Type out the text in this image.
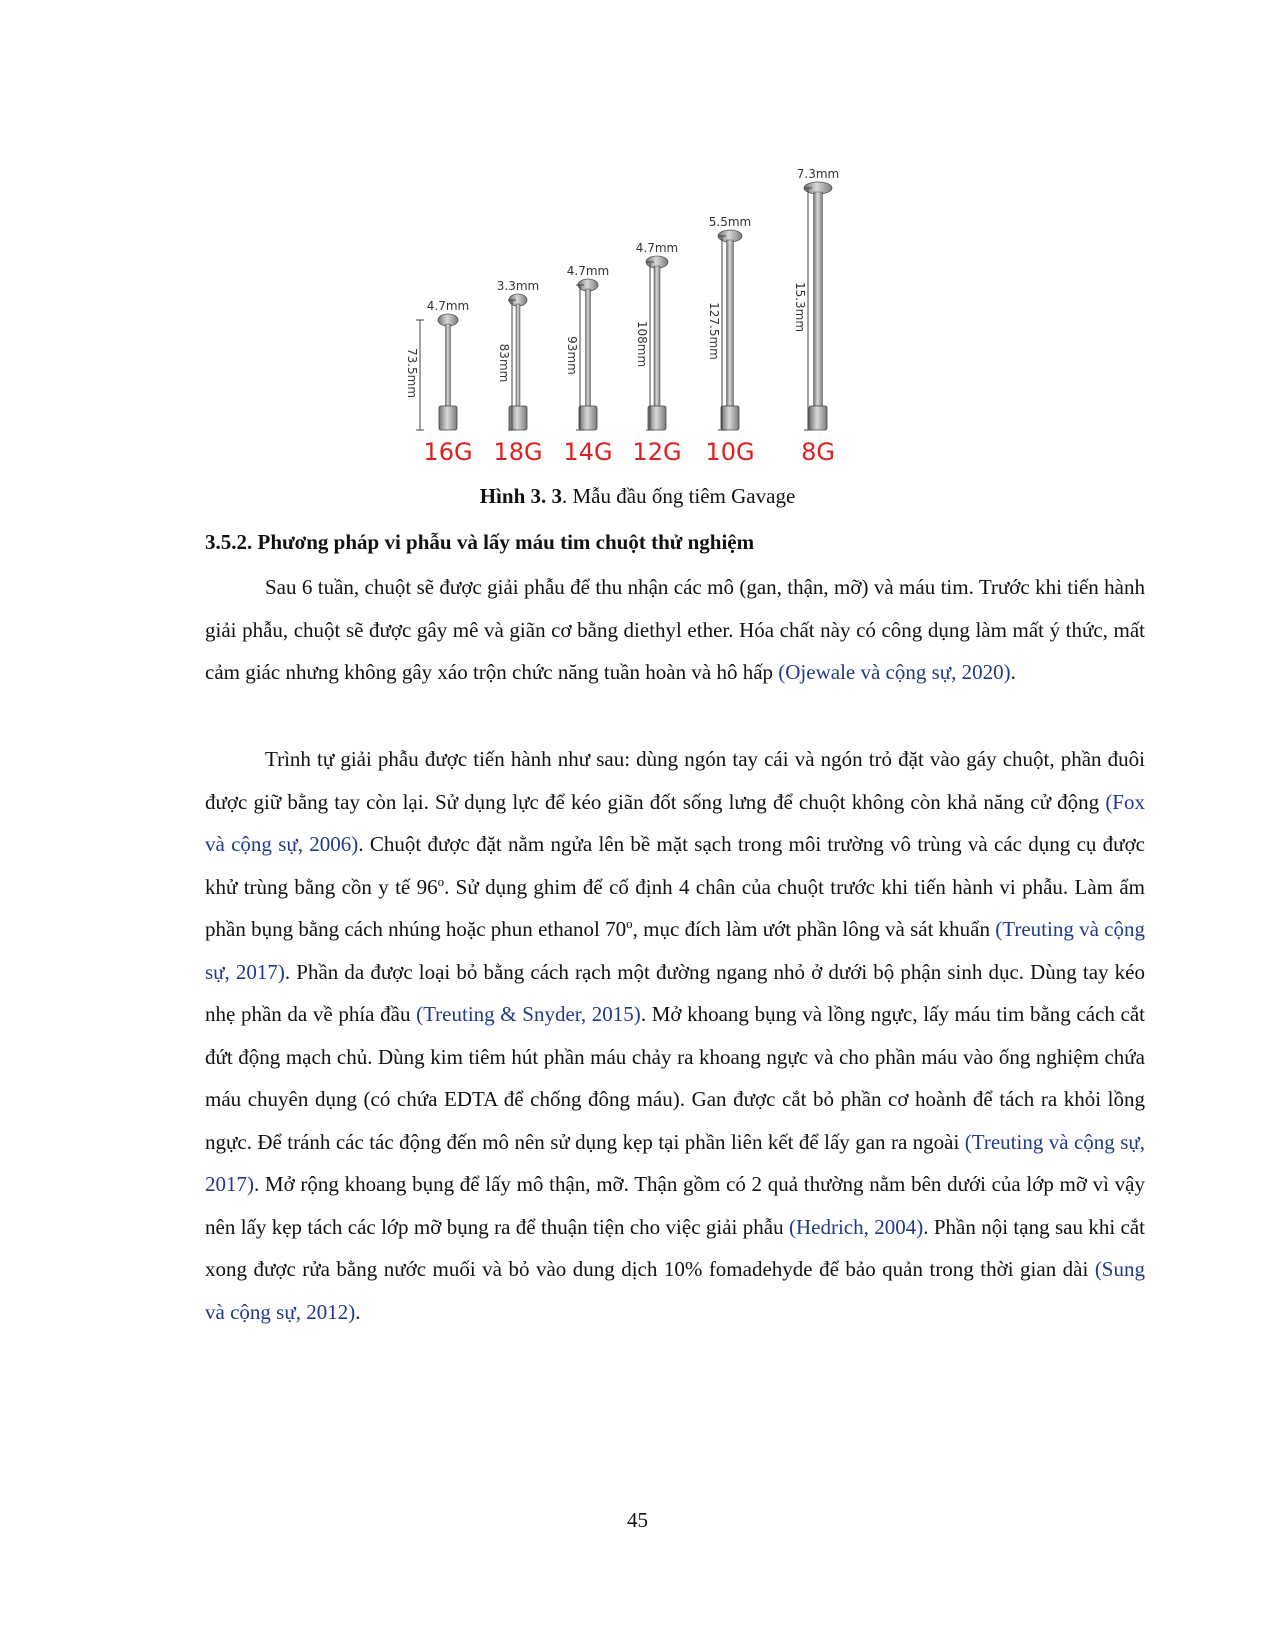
4.7mm
73.5mm
16G
3.3mm
83mm
18G
4.7mm
93mm
14G
4.7mm
108mm
12G
5.5mm
127.5mm
10G
7.3mm
15.3mm
8G
Hình 3. 3. Mẫu đầu ống tiêm Gavage
3.5.2. Phương pháp vi phẫu và lấy máu tim chuột thử nghiệm

Sau 6 tuần, chuột sẽ được giải phẫu để thu nhận các mô (gan, thận, mỡ) và máu tim. Trước khi tiến hành giải phẫu, chuột sẽ được gây mê và giãn cơ bằng diethyl ether. Hóa chất này có công dụng làm mất ý thức, mất cảm giác nhưng không gây xáo trộn chức năng tuần hoàn và hô hấp (Ojewale và cộng sự, 2020).

Trình tự giải phẫu được tiến hành như sau: dùng ngón tay cái và ngón trỏ đặt vào gáy chuột, phần đuôi được giữ bằng tay còn lại. Sử dụng lực để kéo giãn đốt sống lưng để chuột không còn khả năng cử động (Fox và cộng sự, 2006). Chuột được đặt nằm ngửa lên bề mặt sạch trong môi trường vô trùng và các dụng cụ được khử trùng bằng cồn y tế 96$^o$. Sử dụng ghim để cố định 4 chân của chuột trước khi tiến hành vi phẫu. Làm ẩm phần bụng bằng cách nhúng hoặc phun ethanol 70$^o$, mục đích làm ướt phần lông và sát khuẩn (Treuting và cộng sự, 2017). Phần da được loại bỏ bằng cách rạch một đường ngang nhỏ ở dưới bộ phận sinh dục. Dùng tay kéo nhẹ phần da về phía đầu (Treuting & Snyder, 2015). Mở khoang bụng và lồng ngực, lấy máu tim bằng cách cắt đứt động mạch chủ. Dùng kim tiêm hút phần máu chảy ra khoang ngực và cho phần máu vào ống nghiệm chứa máu chuyên dụng (có chứa EDTA để chống đông máu). Gan được cắt bỏ phần cơ hoành để tách ra khỏi lồng ngực. Để tránh các tác động đến mô nên sử dụng kẹp tại phần liên kết để lấy gan ra ngoài (Treuting và cộng sự, 2017). Mở rộng khoang bụng để lấy mô thận, mỡ. Thận gồm có 2 quả thường nằm bên dưới của lớp mỡ vì vậy nên lấy kẹp tách các lớp mỡ bụng ra để thuận tiện cho việc giải phẫu (Hedrich, 2004). Phần nội tạng sau khi cắt xong được rửa bằng nước muối và bỏ vào dung dịch 10% fomadehyde để bảo quản trong thời gian dài (Sung và cộng sự, 2012).

45
